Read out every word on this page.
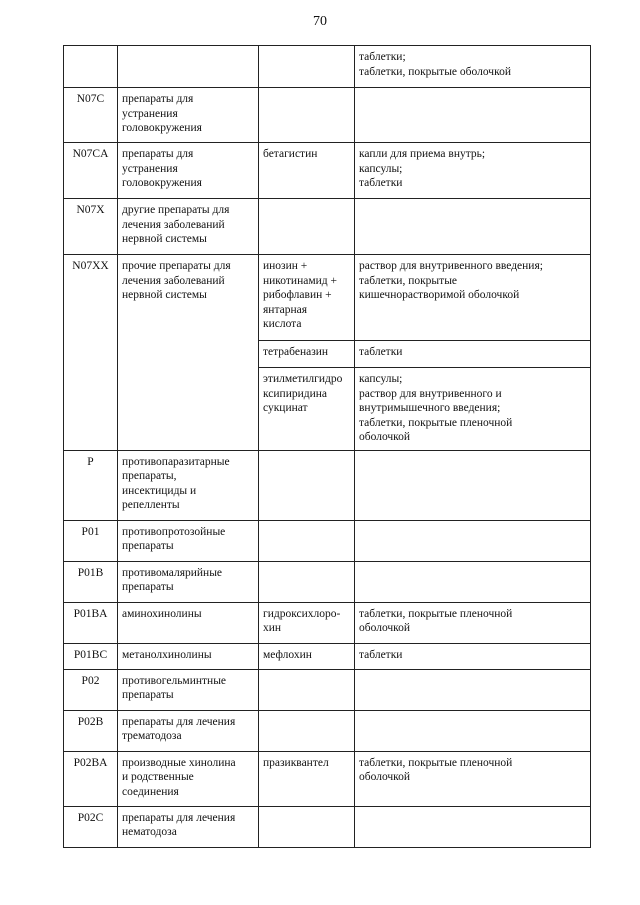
70
			таблетки;
таблетки, покрытые оболочкой
N07C	препараты для
устранения
головокружения		
N07CA	препараты для
устранения
головокружения	бетагистин	капли для приема внутрь;
капсулы;
таблетки
N07X	другие препараты для
лечения заболеваний
нервной системы		
N07XX	прочие препараты для
лечения заболеваний
нервной системы	инозин +
никотинамид +
рибофлавин +
янтарная
кислота	раствор для внутривенного введения;
таблетки, покрытые
кишечнорастворимой оболочкой
		тетрабеназин	таблетки
		этилметилгидро
ксипиридина
сукцинат	капсулы;
раствор для внутривенного и
внутримышечного введения;
таблетки, покрытые пленочной
оболочкой
P	противопаразитарные
препараты,
инсектициды и
репелленты		
P01	противопротозойные
препараты		
P01B	противомалярийные
препараты		
P01BA	аминохинолины	гидроксихлоро-
хин	таблетки, покрытые пленочной
оболочкой
P01BC	метанолхинолины	мефлохин	таблетки
P02	противогельминтные
препараты		
P02B	препараты для лечения
трематодоза		
P02BA	производные хинолина
и родственные
соединения	празиквантел	таблетки, покрытые пленочной
оболочкой
P02C	препараты для лечения
нематодоза		
